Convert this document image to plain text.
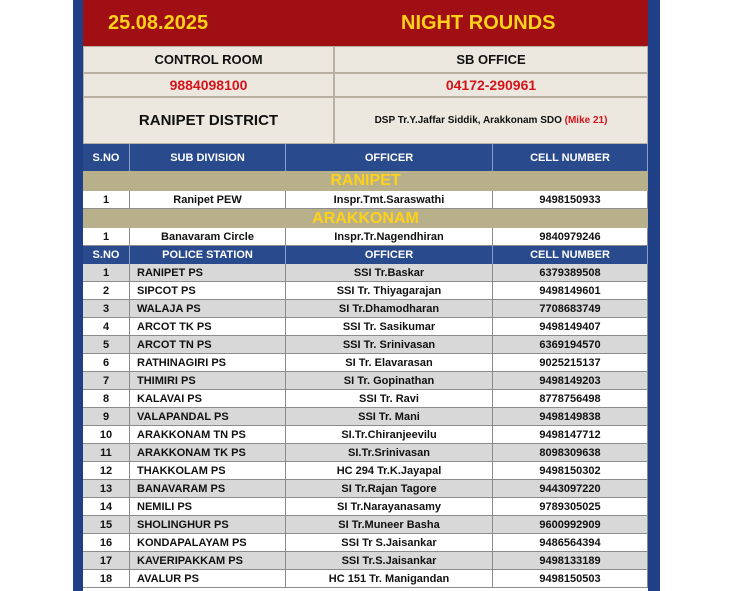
25.08.2025	NIGHT ROUNDS
CONTROL ROOM	SB OFFICE
9884098100	04172-290961
RANIPET DISTRICT	DSP Tr.Y.Jaffar Siddik, Arakkonam SDO
(Mike 21)
S.NO	SUB DIVISION	OFFICER	CELL NUMBER
RANIPET
1	Ranipet PEW	Inspr.Tmt.Saraswathi	9498150933
ARAKKONAM
1	Banavaram Circle	Inspr.Tr.Nagendhiran	9840979246
S.NO	POLICE STATION	OFFICER	CELL NUMBER
1	RANIPET PS	SSI Tr.Baskar	6379389508
2	SIPCOT PS	SSI Tr. Thiyagarajan	9498149601
3	WALAJA PS	SI Tr.Dhamodharan	7708683749
4	ARCOT TK PS	SSI Tr. Sasikumar	9498149407
5	ARCOT TN PS	SSI Tr. Srinivasan	6369194570
6	RATHINAGIRI PS	SI Tr. Elavarasan	9025215137
7	THIMIRI PS	SI Tr. Gopinathan	9498149203
8	KALAVAI PS	SSI Tr. Ravi	8778756498
9	VALAPANDAL PS	SSI Tr. Mani	9498149838
10	ARAKKONAM TN PS	SI.Tr.Chiranjeevilu	9498147712
11	ARAKKONAM TK PS	SI.Tr.Srinivasan	8098309638
12	THAKKOLAM PS	HC 294 Tr.K.Jayapal	9498150302
13	BANAVARAM PS	SI Tr.Rajan Tagore	9443097220
14	NEMILI PS	SI Tr.Narayanasamy	9789305025
15	SHOLINGHUR PS	SI Tr.Muneer Basha	9600992909
16	KONDAPALAYAM PS	SSI Tr S.Jaisankar	9486564394
17	KAVERIPAKKAM PS	SSI Tr.S.Jaisankar	9498133189
18	AVALUR PS	HC 151 Tr. Manigandan	9498150503
